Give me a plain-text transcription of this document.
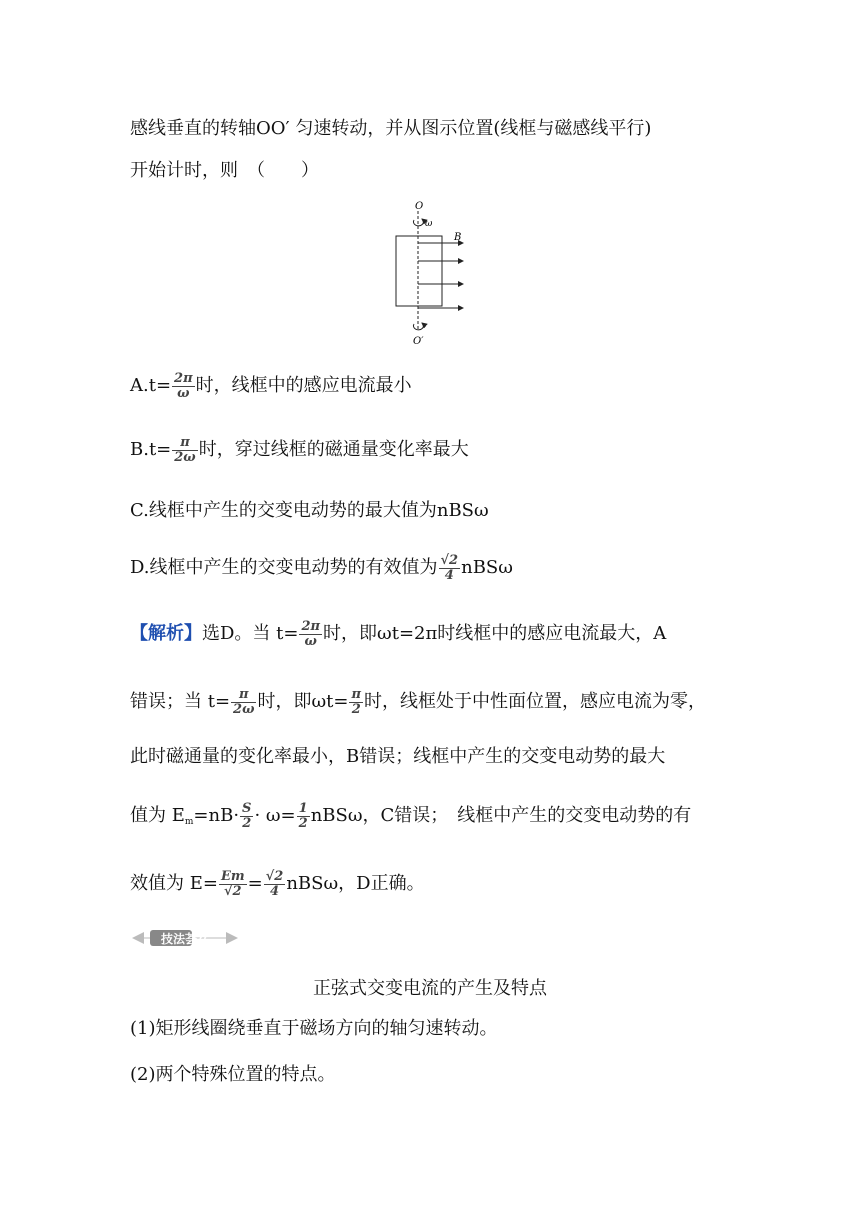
感线垂直的转轴OO′ 匀速转动，并从图示位置(线框与磁感线平行)
开始计时，则　（　　）
O
ω
B
O′
$A.t= \frac{2\pi}{\omega}$ 时，线框中的感应电流最小
$B.t= \frac{\pi}{2\omega}$ 时，穿过线框的磁通量变化率最大
C.线框中产生的交变电动势的最大值为nBSω
D.线框中产生的交变电动势的有效值为 $\frac{√2}{4}$ nBSω
【解析】选D。当 $t= \frac{2\pi}{\omega}$ 时，即ωt=2π时线框中的感应电流最大，A
错误；当 $t= \frac{\pi}{2\omega}$ 时，即$\omega t= \frac{\pi}{2}$ 时，线框处于中性面位置，感应电流为零，
此时磁通量的变化率最小，B错误；线框中产生的交变电动势的最大
值为 $E_m=nB\cdot \frac{S}{2} \cdot \omega= \frac{1}{2}$ nBSω，C错误；　线框中产生的交变电动势的有
效值为 $E= \frac{Em}{√2} = \frac{√2}{4}$ nBSω，D正确。
技法荟萃
正弦式交变电流的产生及特点
(1)矩形线圈绕垂直于磁场方向的轴匀速转动。
(2)两个特殊位置的特点。
